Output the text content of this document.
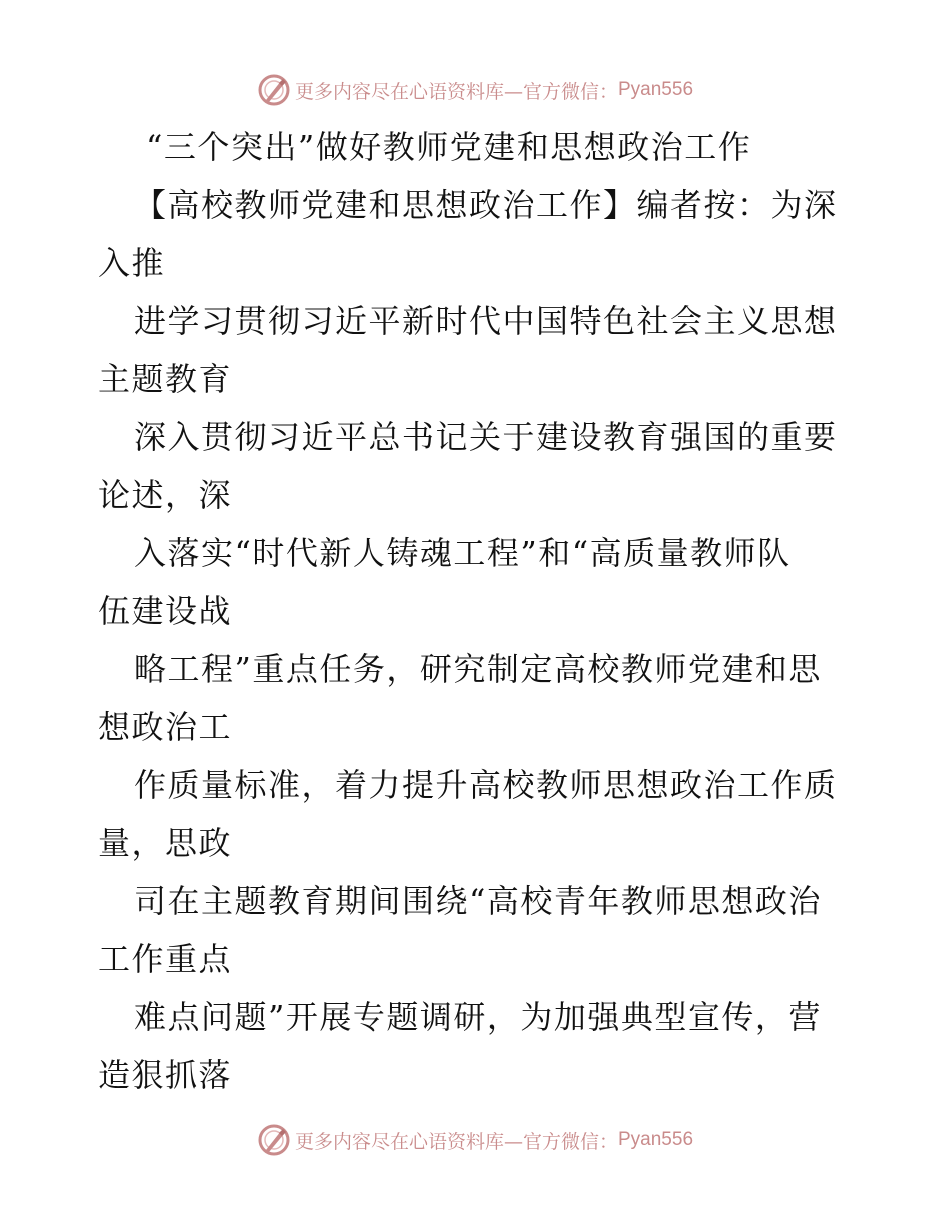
更多内容尽在心语资料库—官方微信： Pyan556
“三个突出”做好教师党建和思想政治工作
【高校教师党建和思想政治工作】编者按：为深
入推
进学习贯彻习近平新时代中国特色社会主义思想
主题教育
深入贯彻习近平总书记关于建设教育强国的重要
论述，深
入落实“时代新人铸魂工程”和“高质量教师队
伍建设战
略工程”重点任务，研究制定高校教师党建和思
想政治工
作质量标准，着力提升高校教师思想政治工作质
量，思政
司在主题教育期间围绕“高校青年教师思想政治
工作重点
难点问题”开展专题调研，为加强典型宣传，营
造狠抓落
更多内容尽在心语资料库—官方微信： Pyan556
